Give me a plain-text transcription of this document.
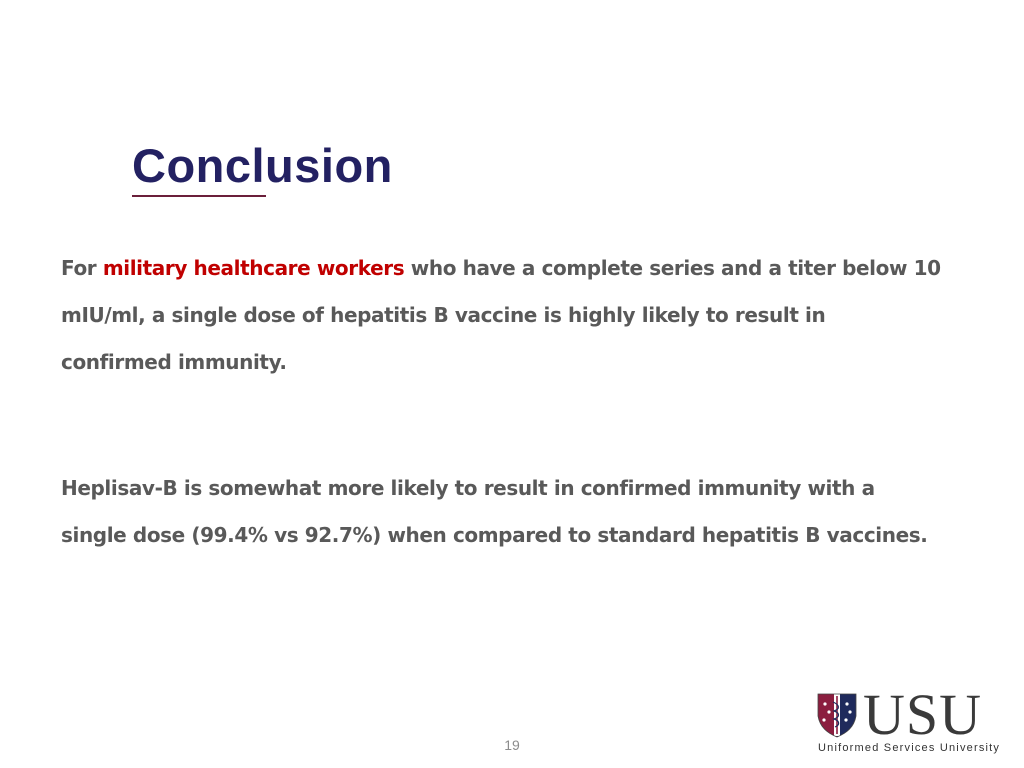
Conclusion

For military healthcare workers who have a complete series and a titer below 10 mIU/ml, a single dose of hepatitis B vaccine is highly likely to result in confirmed immunity.

Heplisav-B is somewhat more likely to result in confirmed immunity with a single dose (99.4% vs 92.7%) when compared to standard hepatitis B vaccines.

19	USU
Uniformed Services University
